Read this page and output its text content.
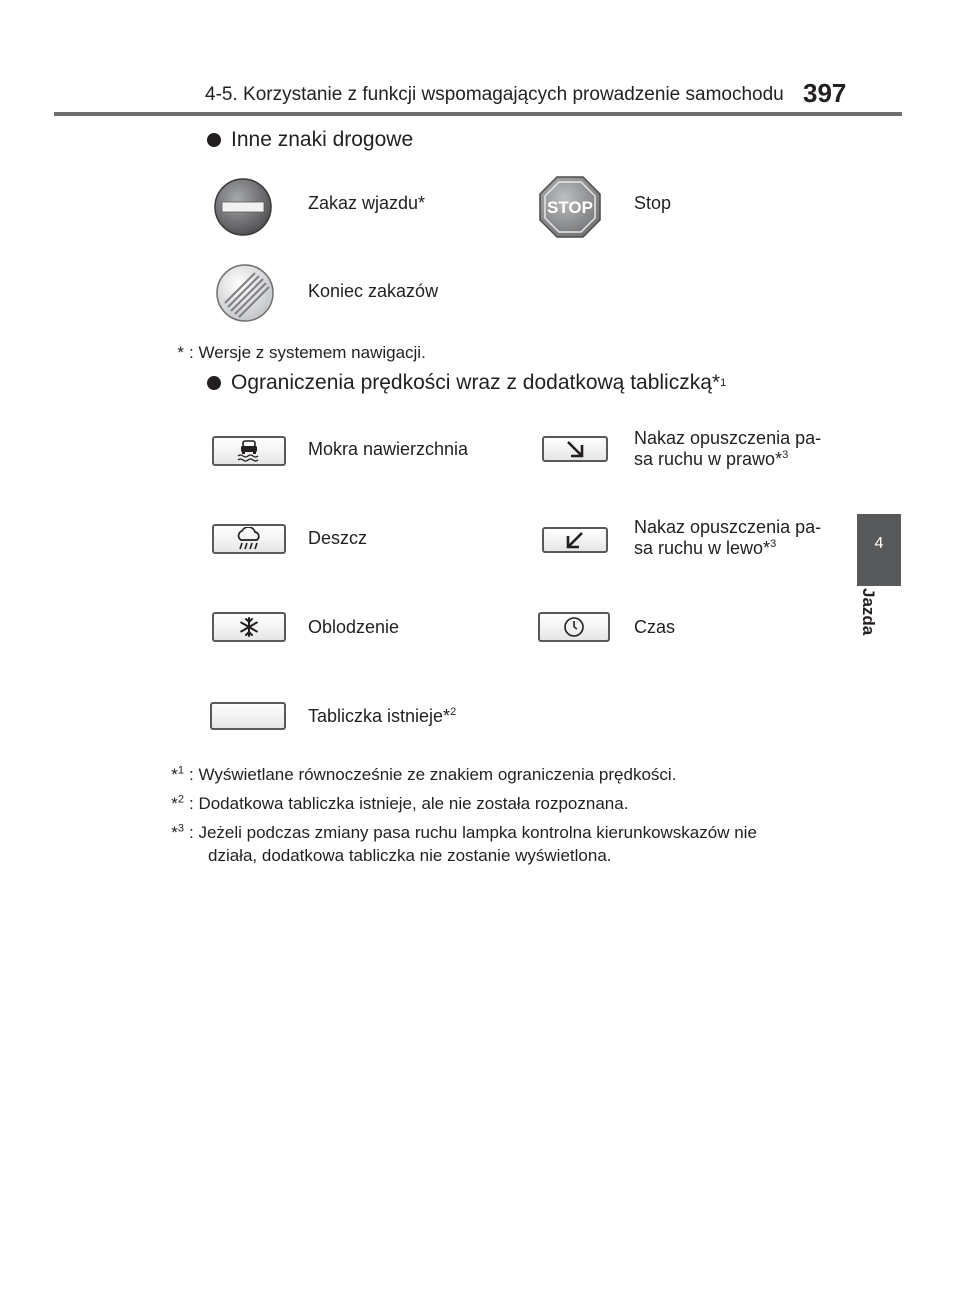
4-5. Korzystanie z funkcji wspomagających prowadzenie samochodu 397
4
Jazda
Inne znaki drogowe
Zakaz wjazdu*	STOP Stop
Koniec zakazów
* : Wersje z systemem nawigacji.
Ograniczenia prędkości wraz z dodatkową tabliczką * 1
Mokra nawierzchnia
Nakaz opuszczenia pa-
sa ruchu w prawo*$^3$
Deszcz
Nakaz opuszczenia pa-
sa ruchu w lewo*$^3$
Oblodzenie	Czas
Tabliczka istnieje*$^2$
*$^1$ : Wyświetlane równocześnie ze znakiem ograniczenia prędkości.
*$^2$ : Dodatkowa tabliczka istnieje, ale nie została rozpoznana.
*$^3$ : Jeżeli podczas zmiany pasa ruchu lampka kontrolna kierunkowskazów nie
działa, dodatkowa tabliczka nie zostanie wyświetlona.
